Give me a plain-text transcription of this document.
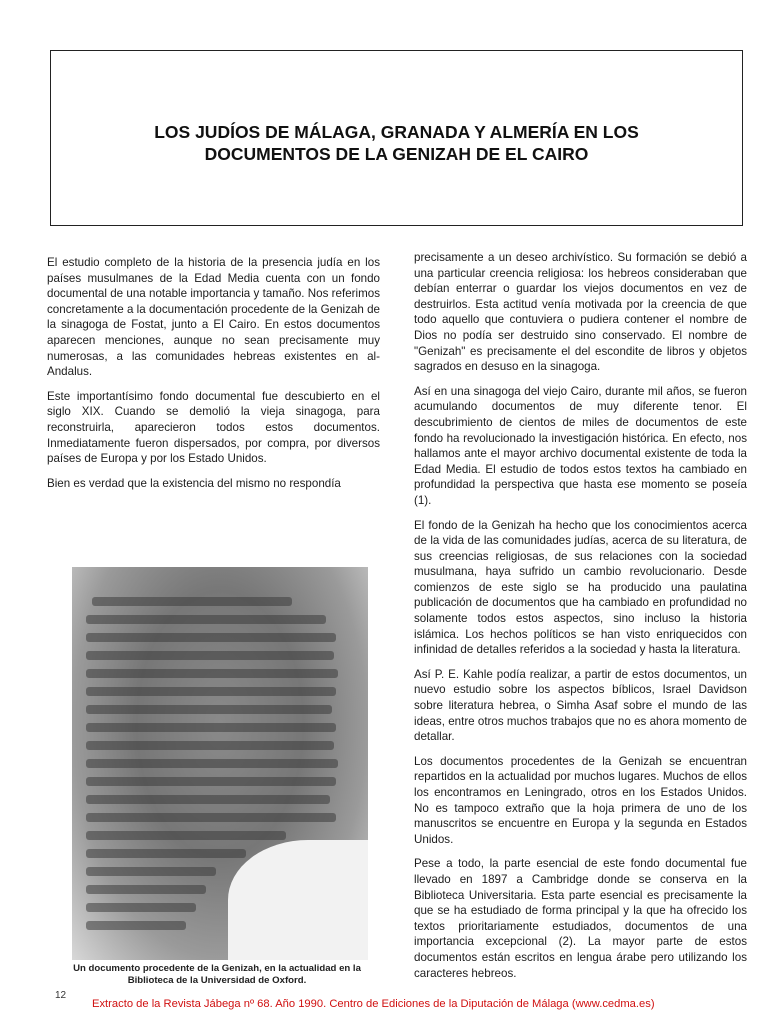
LOS JUDÍOS DE MÁLAGA, GRANADA Y ALMERÍA EN LOS
DOCUMENTOS DE LA GENIZAH DE EL CAIRO

El estudio completo de la historia de la presencia judía en los países musulmanes de la Edad Media cuenta con un fondo documental de una notable importancia y tamaño. Nos referimos concretamente a la documentación procedente de la Genizah de la sinagoga de Fostat, junto a El Cairo. En estos documentos aparecen menciones, aunque no sean precisamente muy numerosas, a las comunidades hebreas existentes en al-Andalus.

Este importantísimo fondo documental fue descubierto en el siglo XIX. Cuando se demolió la vieja sinagoga, para reconstruirla, aparecieron todos estos documentos. Inmediatamente fueron dispersados, por compra, por diversos países de Europa y por los Estado Unidos.

Bien es verdad que la existencia del mismo no respondía

Un documento procedente de la Genizah, en la actualidad en la Biblioteca de la Universidad de Oxford.

precisamente a un deseo archivístico. Su formación se debió a una particular creencia religiosa: los hebreos consideraban que debían enterrar o guardar los viejos documentos en vez de destruirlos. Esta actitud venía motivada por la creencia de que todo aquello que contuviera o pudiera contener el nombre de Dios no podía ser destruido sino conservado. El nombre de "Genizah" es precisamente el del escondite de libros y objetos sagrados en desuso en la sinagoga.

Así en una sinagoga del viejo Cairo, durante mil años, se fueron acumulando documentos de muy diferente tenor. El descubrimiento de cientos de miles de documentos de este fondo ha revolucionado la investigación histórica. En efecto, nos hallamos ante el mayor archivo documental existente de toda la Edad Media. El estudio de todos estos textos ha cambiado en profundidad la perspectiva que hasta ese momento se poseía (1).

El fondo de la Genizah ha hecho que los conocimientos acerca de la vida de las comunidades judías, acerca de su literatura, de sus creencias religiosas, de sus relaciones con la sociedad musulmana, haya sufrido un cambio revolucionario. Desde comienzos de este siglo se ha producido una paulatina publicación de documentos que ha cambiado en profundidad no solamente todos estos aspectos, sino incluso la historia islámica. Los hechos políticos se han visto enriquecidos con infinidad de detalles referidos a la sociedad y hasta la literatura.

Así P. E. Kahle podía realizar, a partir de estos documentos, un nuevo estudio sobre los aspectos bíblicos, Israel Davidson sobre literatura hebrea, o Simha Asaf sobre el mundo de las ideas, entre otros muchos trabajos que no es ahora momento de detallar.

Los documentos procedentes de la Genizah se encuentran repartidos en la actualidad por muchos lugares. Muchos de ellos los encontramos en Leningrado, otros en los Estados Unidos. No es tampoco extraño que la hoja primera de uno de los manuscritos se encuentre en Europa y la segunda en Estados Unidos.

Pese a todo, la parte esencial de este fondo documental fue llevado en 1897 a Cambridge donde se conserva en la Biblioteca Universitaria. Esta parte esencial es precisamente la que se ha estudiado de forma principal y la que ha ofrecido los textos prioritariamente estudiados, documentos de una importancia excepcional (2). La mayor parte de estos documentos están escritos en lengua árabe pero utilizando los caracteres hebreos.

12
Extracto de la Revista Jábega nº 68. Año 1990. Centro de Ediciones de la Diputación de Málaga (www.cedma.es)
